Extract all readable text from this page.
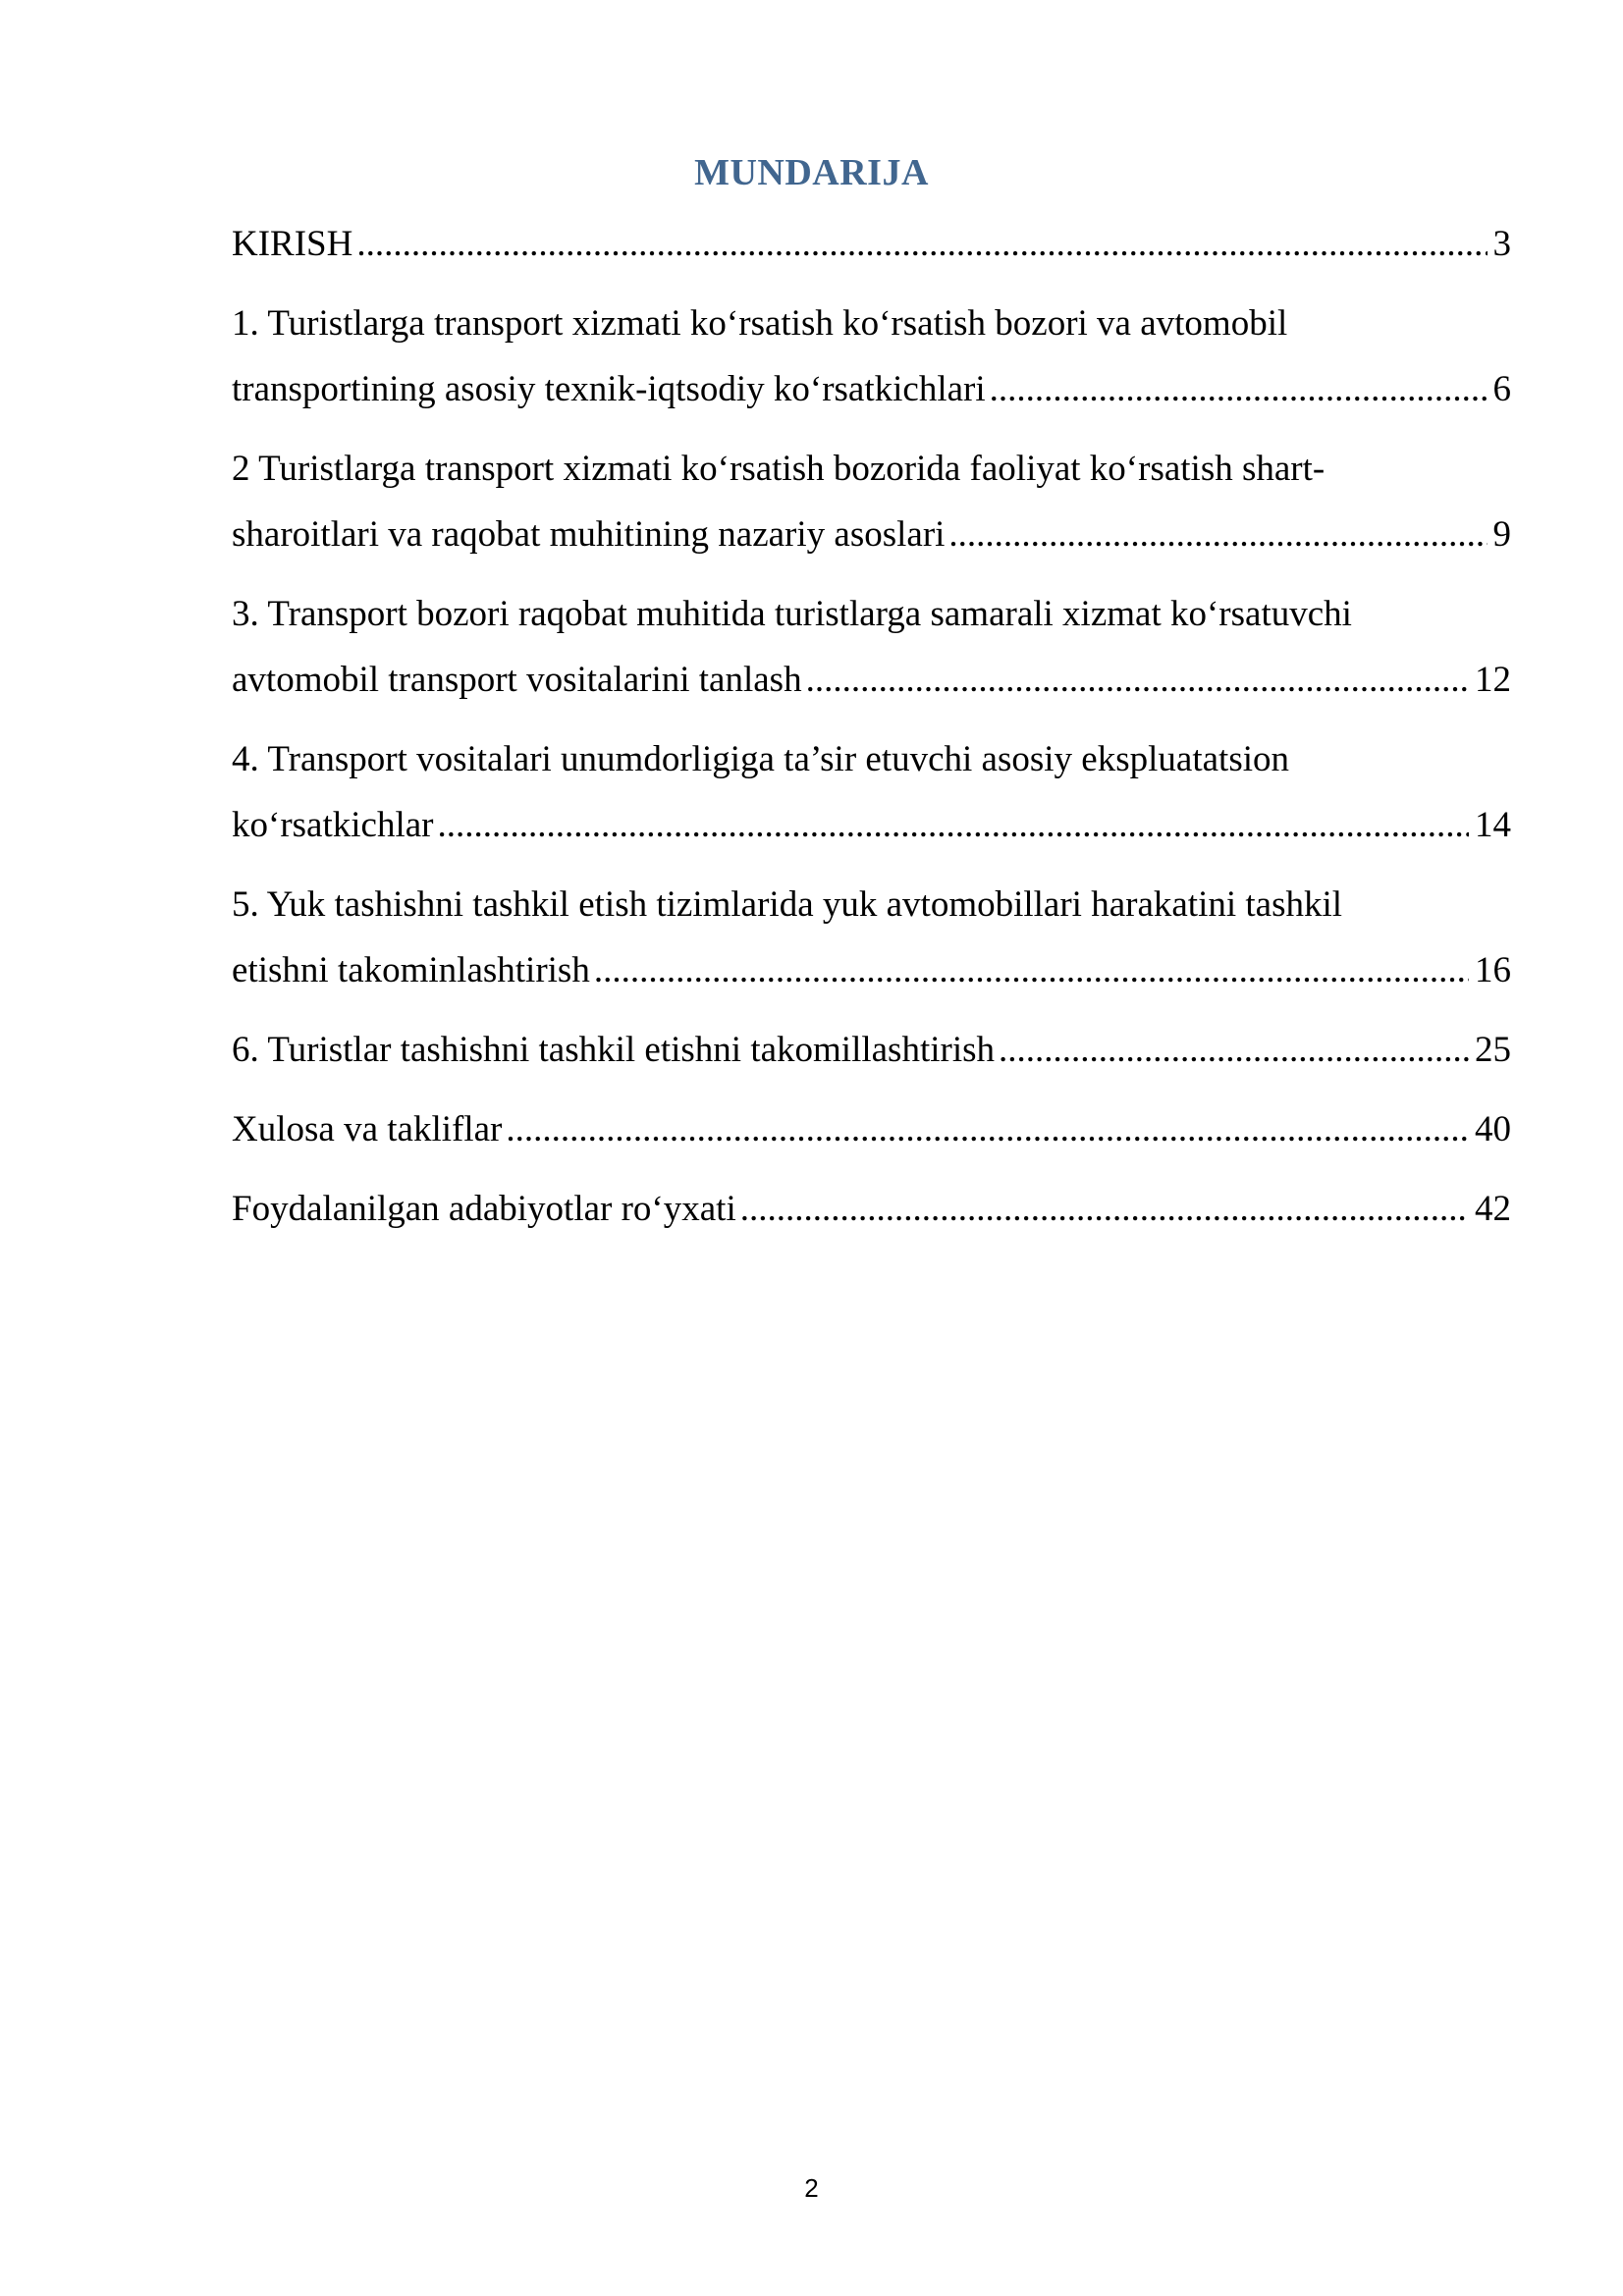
MUNDARIJA
KIRISH .....	3
1. Turistlarga transport xizmati ko‘rsatish ko‘rsatish bozori va avtomobil
transportining asosiy texnik-iqtsodiy ko‘rsatkichlari .....	6
2 Turistlarga transport xizmati ko‘rsatish bozorida faoliyat ko‘rsatish shart-
sharoitlari va raqobat muhitining nazariy asoslari .....	9
3. Transport bozori raqobat muhitida turistlarga samarali xizmat ko‘rsatuvchi
avtomobil transport vositalarini tanlash .....	12
4. Transport vositalari unumdorligiga ta’sir etuvchi asosiy ekspluatatsion
ko‘rsatkichlar .....	14
5. Yuk tashishni tashkil etish tizimlarida yuk avtomobillari harakatini tashkil
etishni takominlashtirish .....	16
6. Turistlar tashishni tashkil etishni takomillashtirish .....	25
Xulosa va takliflar .....	40
Foydalanilgan adabiyotlar ro‘yxati .....	42
2
